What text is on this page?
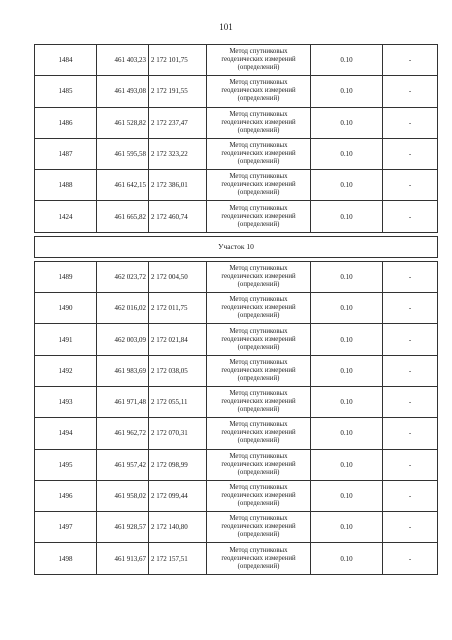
101
1484	461 403,23	2 172 101,75	Метод спутниковых геодезических измерений (определений)	0.10	-
1485	461 493,08	2 172 191,55	Метод спутниковых геодезических измерений (определений)	0.10	-
1486	461 528,82	2 172 237,47	Метод спутниковых геодезических измерений (определений)	0.10	-
1487	461 595,58	2 172 323,22	Метод спутниковых геодезических измерений (определений)	0.10	-
1488	461 642,15	2 172 386,01	Метод спутниковых геодезических измерений (определений)	0.10	-
1424	461 665,82	2 172 460,74	Метод спутниковых геодезических измерений (определений)	0.10	-

Участок 10					

1489	462 023,72	2 172 004,50	Метод спутниковых геодезических измерений (определений)	0.10	-
1490	462 016,02	2 172 011,75	Метод спутниковых геодезических измерений (определений)	0.10	-
1491	462 003,09	2 172 021,84	Метод спутниковых геодезических измерений (определений)	0.10	-
1492	461 983,69	2 172 038,05	Метод спутниковых геодезических измерений (определений)	0.10	-
1493	461 971,48	2 172 055,11	Метод спутниковых геодезических измерений (определений)	0.10	-
1494	461 962,72	2 172 070,31	Метод спутниковых геодезических измерений (определений)	0.10	-
1495	461 957,42	2 172 098,99	Метод спутниковых геодезических измерений (определений)	0.10	-
1496	461 958,02	2 172 099,44	Метод спутниковых геодезических измерений (определений)	0.10	-
1497	461 928,57	2 172 140,80	Метод спутниковых геодезических измерений (определений)	0.10	-
1498	461 913,67	2 172 157,51	Метод спутниковых геодезических измерений (определений)	0.10	-
